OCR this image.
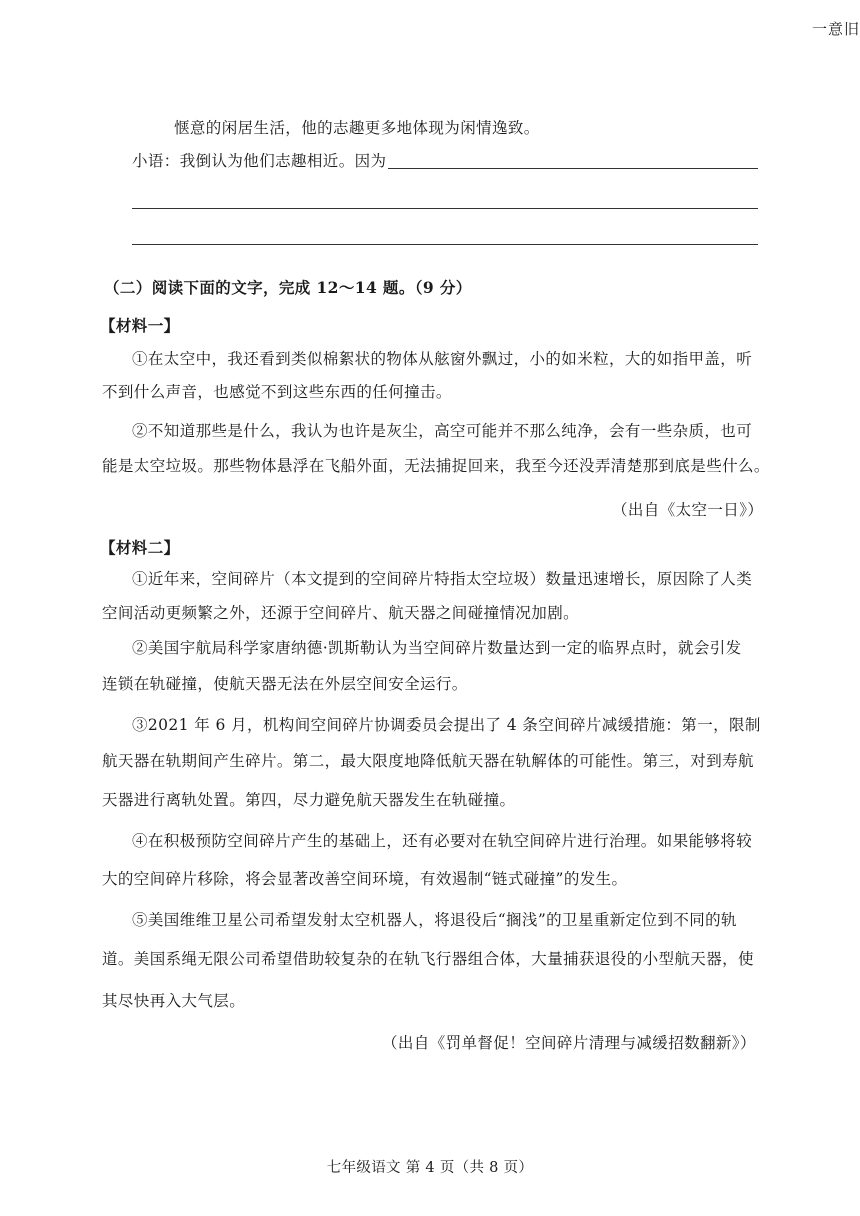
一意旧
惬意的闲居生活，他的志趣更多地体现为闲情逸致。
小语：我倒认为他们志趣相近。因为
（二）阅读下面的文字，完成 12～14 题。（9 分）
【材料一】
①在太空中，我还看到类似棉絮状的物体从舷窗外飘过，小的如米粒，大的如指甲盖，听
不到什么声音，也感觉不到这些东西的任何撞击。
②不知道那些是什么，我认为也许是灰尘，高空可能并不那么纯净，会有一些杂质，也可
能是太空垃圾。那些物体悬浮在飞船外面，无法捕捉回来，我至今还没弄清楚那到底是些什么。
（出自《太空一日》）
【材料二】
①近年来，空间碎片（本文提到的空间碎片特指太空垃圾）数量迅速增长，原因除了人类
空间活动更频繁之外，还源于空间碎片、航天器之间碰撞情况加剧。
②美国宇航局科学家唐纳德·凯斯勒认为当空间碎片数量达到一定的临界点时，就会引发
连锁在轨碰撞，使航天器无法在外层空间安全运行。
③2021 年 6 月，机构间空间碎片协调委员会提出了 4 条空间碎片减缓措施：第一，限制
航天器在轨期间产生碎片。第二，最大限度地降低航天器在轨解体的可能性。第三，对到寿航
天器进行离轨处置。第四，尽力避免航天器发生在轨碰撞。
④在积极预防空间碎片产生的基础上，还有必要对在轨空间碎片进行治理。如果能够将较
大的空间碎片移除，将会显著改善空间环境，有效遏制“链式碰撞”的发生。
⑤美国维维卫星公司希望发射太空机器人，将退役后“搁浅”的卫星重新定位到不同的轨
道。美国系绳无限公司希望借助较复杂的在轨飞行器组合体，大量捕获退役的小型航天器，使
其尽快再入大气层。
（出自《罚单督促！空间碎片清理与减缓招数翻新》）
七年级语文 第 4 页（共 8 页）
